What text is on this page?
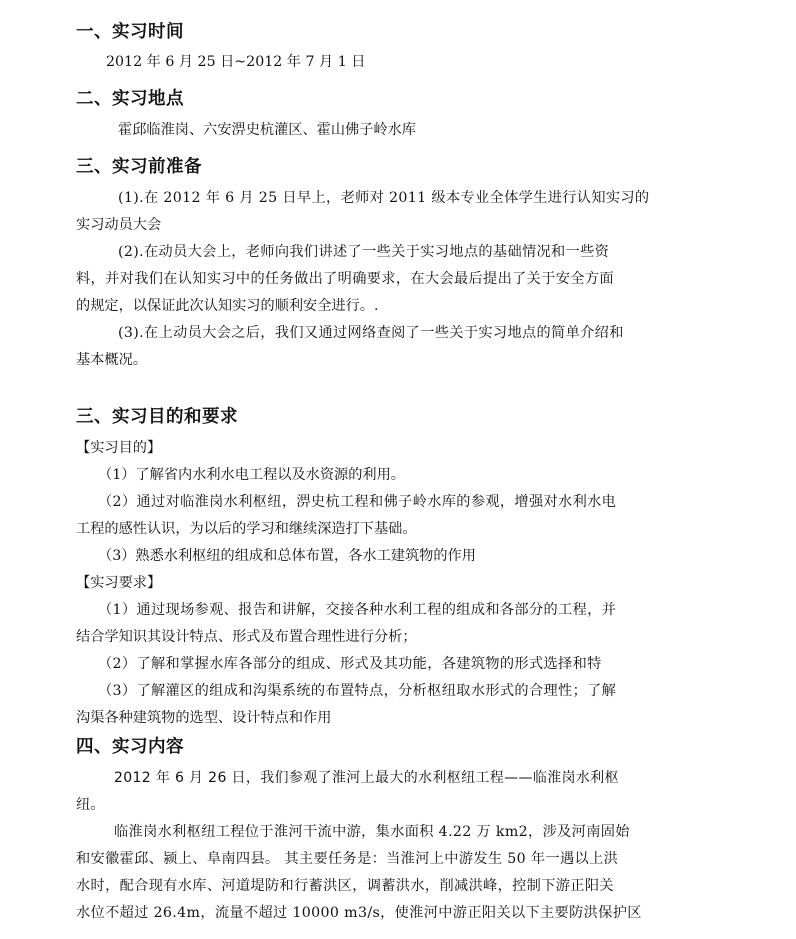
一、实习时间
2012 年 6 月 25 日~2012 年 7 月 1 日
二、实习地点
霍邱临淮岗、六安淠史杭灌区、霍山佛子岭水库
三、实习前准备
(1).在 2012 年 6 月 25 日早上，老师对 2011 级本专业全体学生进行认知实习的
实习动员大会
(2).在动员大会上，老师向我们讲述了一些关于实习地点的基础情况和一些资
料，并对我们在认知实习中的任务做出了明确要求，在大会最后提出了关于安全方面
的规定，以保证此次认知实习的顺利安全进行。.
(3).在上动员大会之后，我们又通过网络查阅了一些关于实习地点的简单介绍和
基本概况。
三、实习目的和要求
【实习目的】
（1）了解省内水利水电工程以及水资源的利用。
（2）通过对临淮岗水利枢纽，淠史杭工程和佛子岭水库的参观，增强对水利水电
工程的感性认识，为以后的学习和继续深造打下基础。
（3）熟悉水利枢纽的组成和总体布置，各水工建筑物的作用
【实习要求】
（1）通过现场参观、报告和讲解，交接各种水利工程的组成和各部分的工程，并
结合学知识其设计特点、形式及布置合理性进行分析；
（2）了解和掌握水库各部分的组成、形式及其功能，各建筑物的形式选择和特
（3）了解灌区的组成和沟渠系统的布置特点，分析枢纽取水形式的合理性；了解
沟渠各种建筑物的选型、设计特点和作用
四、实习内容
2012 年 6 月 26 日，我们参观了淮河上最大的水利枢纽工程——临淮岗水利枢
纽。
临淮岗水利枢纽工程位于淮河干流中游，集水面积 4.22 万 km2，涉及河南固始
和安徽霍邱、颍上、阜南四县。 其主要任务是：当淮河上中游发生 50 年一遇以上洪
水时，配合现有水库、河道堤防和行蓄洪区，调蓄洪水，削减洪峰，控制下游正阳关
水位不超过 26.4m，流量不超过 10000 m3/s，使淮河中游正阳关以下主要防洪保护区
